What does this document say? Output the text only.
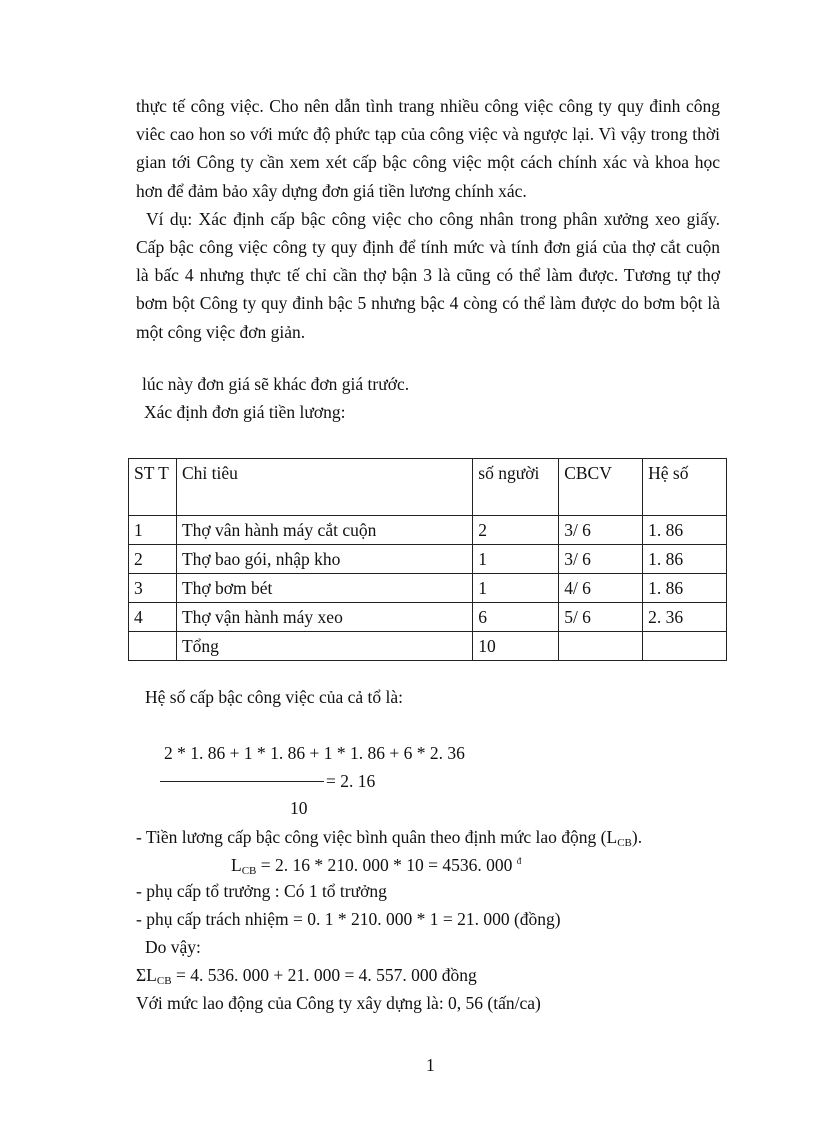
thực tế công việc. Cho nên dẫn tình trang nhiều công việc công ty quy đinh công viêc cao hon so với mức độ phức tạp của công việc và ngược lại. Vì vậy trong thời gian tới Công ty cần xem xét cấp bậc công việc một cách chính xác và khoa học hơn để đảm bảo xây dựng đơn giá tiền lương chính xác.
Ví dụ: Xác định cấp bậc công việc cho công nhân trong phân xưởng xeo giấy. Cấp bậc công việc công ty quy định để tính mức và tính đơn giá của thợ cắt cuộn là bấc 4 nhưng thực tế chỉ cần thợ bận 3 là cũng có thể làm được. Tương tự thợ bơm bột Công ty quy đinh bậc 5 nhưng bậc 4 còng có thể làm được do bơm bột là một công việc đơn giản.
lúc này đơn giá sẽ khác đơn giá trước.
Xác định đơn giá tiền lương:
ST T	Chỉ tiêu	số người	CBCV	Hệ số
1	Thợ vân hành máy cắt cuộn	2	3/ 6	1. 86
2	Thợ bao gói, nhập kho	1	3/ 6	1. 86
3	Thợ bơm bét	1	4/ 6	1. 86
4	Thợ vận hành máy xeo	6	5/ 6	2. 36
	Tổng	10		
Hệ số cấp bậc công việc của cả tổ là:
2 * 1. 86 + 1 * 1. 86 + 1 * 1. 86 + 6 * 2. 36
= 2. 16
10
- Tiền lương cấp bậc công việc bình quân theo định mức lao động $(L_{CB})$.
$L_{CB} = 2$. 16 * 210. 000 * 10 = 4536. 000 $^đ$
- phụ cấp tổ trưởng : Có 1 tổ trưởng
- phụ cấp trách nhiệm = 0. 1 * 210. 000 * 1 = 21. 000 (đồng)
Do vậy:
$\Sigma L_{CB} = 4$. 536. 000 + 21. 000 = 4. 557. 000 đồng
Với mức lao động của Công ty xây dựng là: 0, 56 (tấn/ca)
1
